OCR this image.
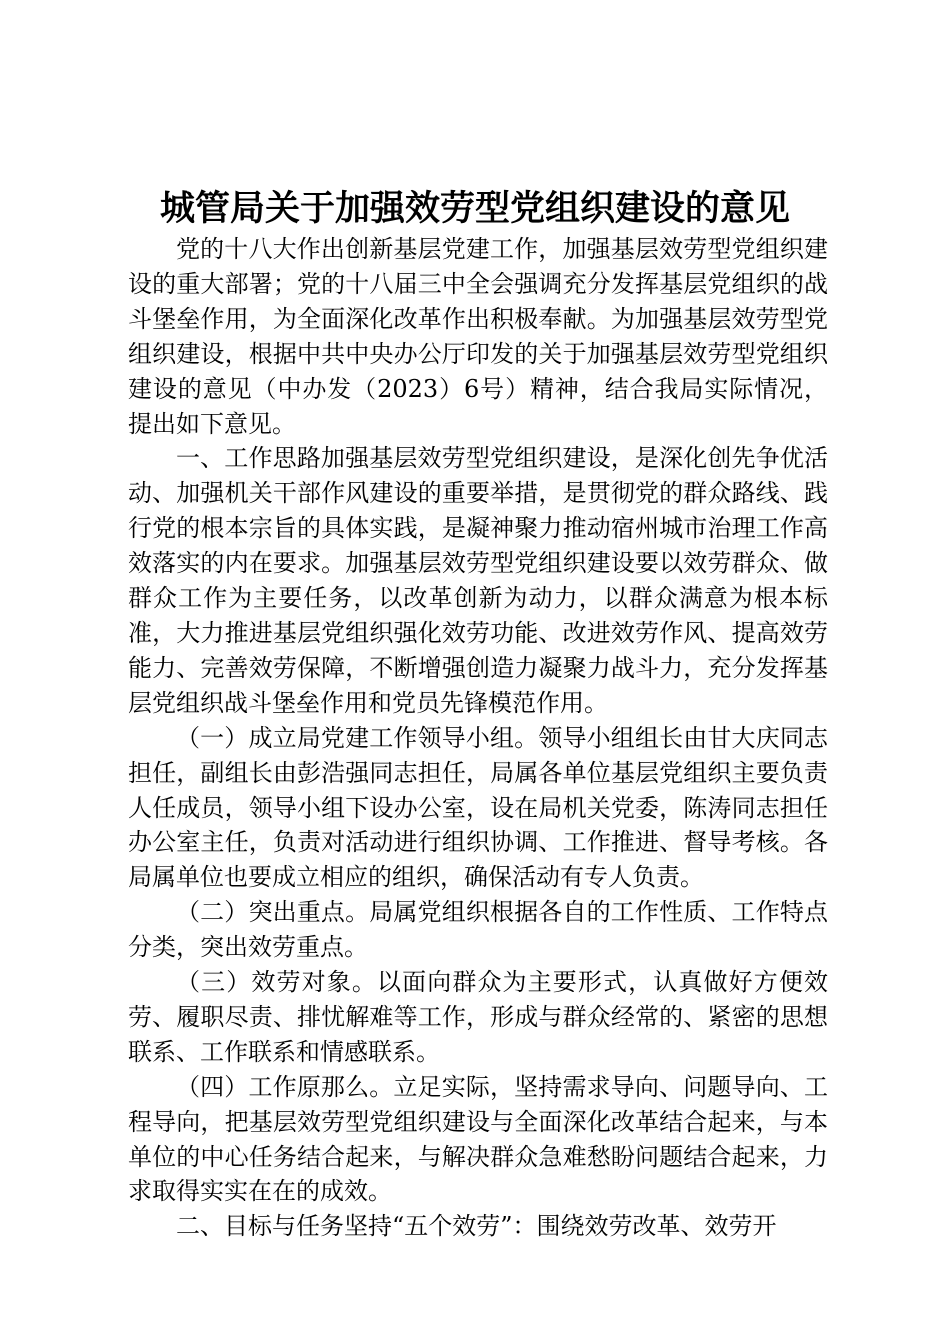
城管局关于加强效劳型党组织建设的意见

党的十八大作出创新基层党建工作，加强基层效劳型党组织建设的重大部署；党的十八届三中全会强调充分发挥基层党组织的战斗堡垒作用，为全面深化改革作出积极奉献。为加强基层效劳型党组织建设，根据中共中央办公厅印发的关于加强基层效劳型党组织建设的意见（中办发（2023）6号）精神，结合我局实际情况，提出如下意见。

一、工作思路加强基层效劳型党组织建设，是深化创先争优活动、加强机关干部作风建设的重要举措，是贯彻党的群众路线、践行党的根本宗旨的具体实践，是凝神聚力推动宿州城市治理工作高效落实的内在要求。加强基层效劳型党组织建设要以效劳群众、做群众工作为主要任务，以改革创新为动力，以群众满意为根本标准，大力推进基层党组织强化效劳功能、改进效劳作风、提高效劳能力、完善效劳保障，不断增强创造力凝聚力战斗力，充分发挥基层党组织战斗堡垒作用和党员先锋模范作用。

（一）成立局党建工作领导小组。领导小组组长由甘大庆同志担任，副组长由彭浩强同志担任，局属各单位基层党组织主要负责人任成员，领导小组下设办公室，设在局机关党委，陈涛同志担任办公室主任，负责对活动进行组织协调、工作推进、督导考核。各局属单位也要成立相应的组织，确保活动有专人负责。

（二）突出重点。局属党组织根据各自的工作性质、工作特点分类，突出效劳重点。

（三）效劳对象。以面向群众为主要形式，认真做好方便效劳、履职尽责、排忧解难等工作，形成与群众经常的、紧密的思想联系、工作联系和情感联系。

（四）工作原那么。立足实际，坚持需求导向、问题导向、工程导向，把基层效劳型党组织建设与全面深化改革结合起来，与本单位的中心任务结合起来，与解决群众急难愁盼问题结合起来，力求取得实实在在的成效。

二、目标与任务坚持“五个效劳”：围绕效劳改革、效劳开
